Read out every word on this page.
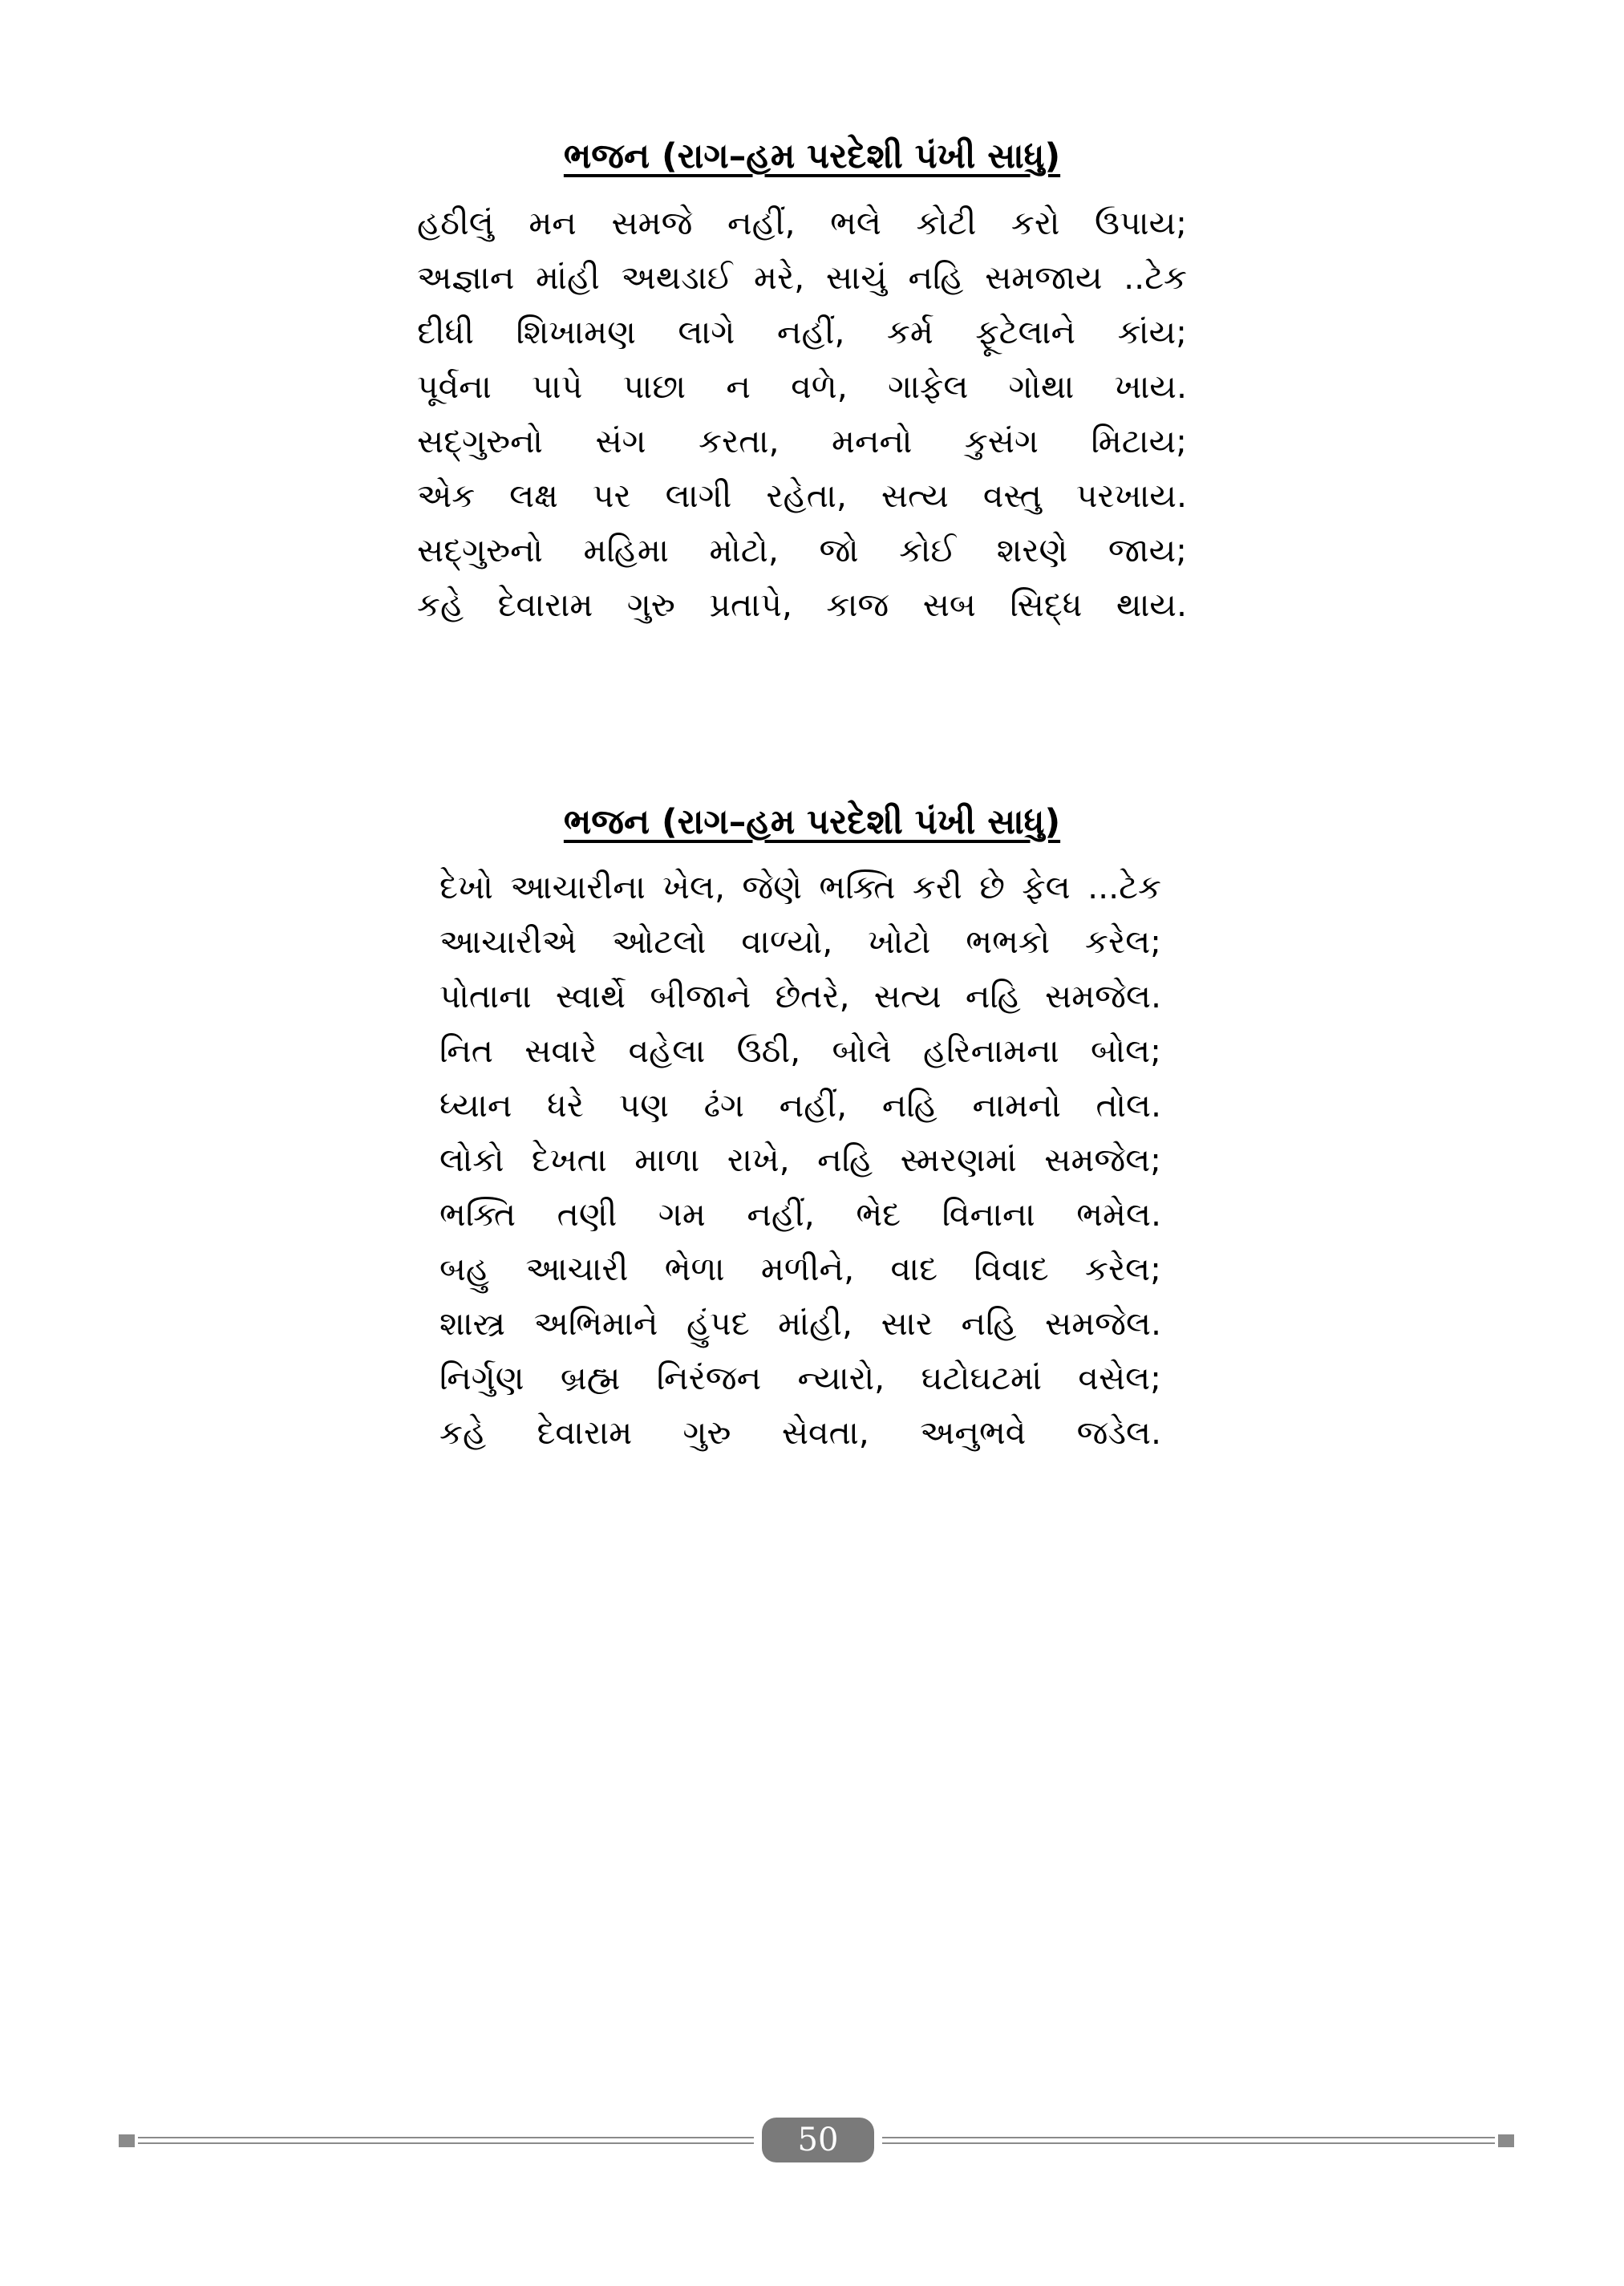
ભજન (રાગ–હમ પરદેશી પંખી સાધુ)
હઠીલું મન સમજે નહીં, ભલે કોટી કરો ઉપાય;
અજ્ઞાન માંહી અથડાઈ મરે, સાચું નહિ સમજાય ..ટેક
દીધી શિખામણ લાગે નહીં, કર્મ ફૂટેલાને કાંય;
પૂર્વના પાપે પાછા ન વળે, ગાફેલ ગોથા ખાય.
સદ્‌ગુરુનો સંગ કરતા, મનનો કુસંગ મિટાય;
એક લક્ષ પર લાગી રહેતા, સત્ય વસ્તુ પરખાય.
સદ્‌ગુરુનો મહિમા મોટો, જો કોઈ શરણે જાય;
કહે દેવારામ ગુરુ પ્રતાપે, કાજ સબ સિદ્ધ થાય.
ભજન (રાગ–હમ પરદેશી પંખી સાધુ)
દેખો આચારીના ખેલ, જેણે ભક્તિ કરી છે ફેલ ...ટેક
આચારીએ ઓટલો વાળ્યો, ખોટો ભભકો કરેલ;
પોતાના સ્વાર્થે બીજાને છેતરે, સત્ય નહિ સમજેલ.
નિત સવારે વહેલા ઉઠી, બોલે હરિનામના બોલ;
ધ્યાન ધરે પણ ઢંગ નહીં, નહિ નામનો તોલ.
લોકો દેખતા માળા રાખે, નહિ સ્મરણમાં સમજેલ;
ભક્તિ તણી ગમ નહીં, ભેદ વિનાના ભમેલ.
બહુ આચારી ભેળા મળીને, વાદ વિવાદ કરેલ;
શાસ્ત્ર અભિમાને હુંપદ માંહી, સાર નહિ સમજેલ.
નિર્ગુણ બ્રહ્મ નિરંજન ન્યારો, ઘટોઘટમાં વસેલ;
કહે દેવારામ ગુરુ સેવતા, અનુભવે જડેલ.
50
